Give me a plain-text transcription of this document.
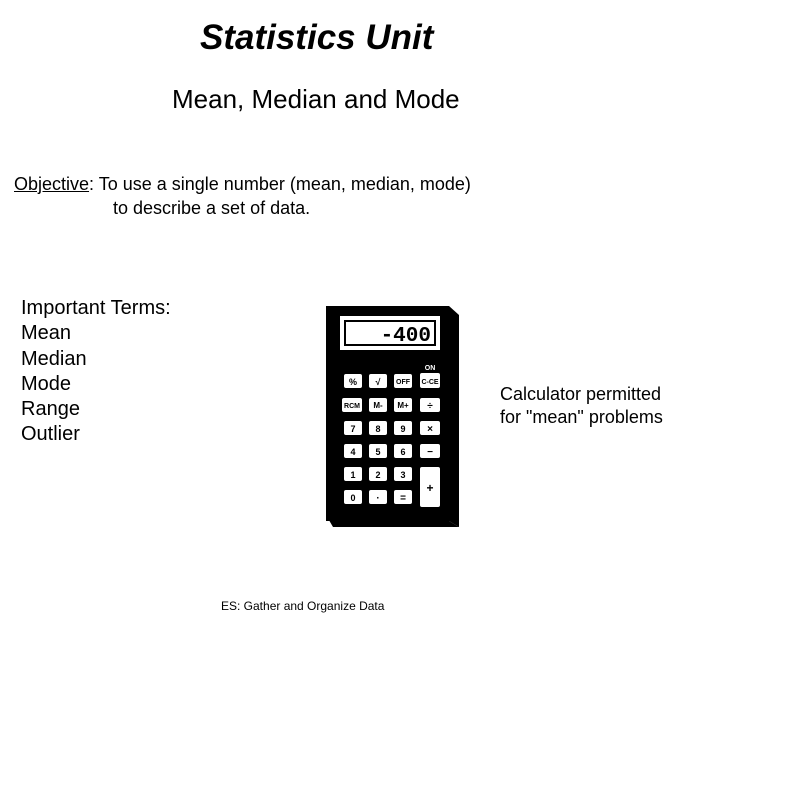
Statistics Unit
Mean, Median and Mode
Objective: To use a single number (mean, median, mode)
to describe a set of data.
Important Terms:
Mean
Median
Mode
Range
Outlier
-400
ON
% √ OFF C-CE
RCM M- M+ ÷
7 8 9 ×
4 5 6 −
1 2 3
+
0 · =
Calculator permitted
for "mean" problems
ES: Gather and Organize Data
